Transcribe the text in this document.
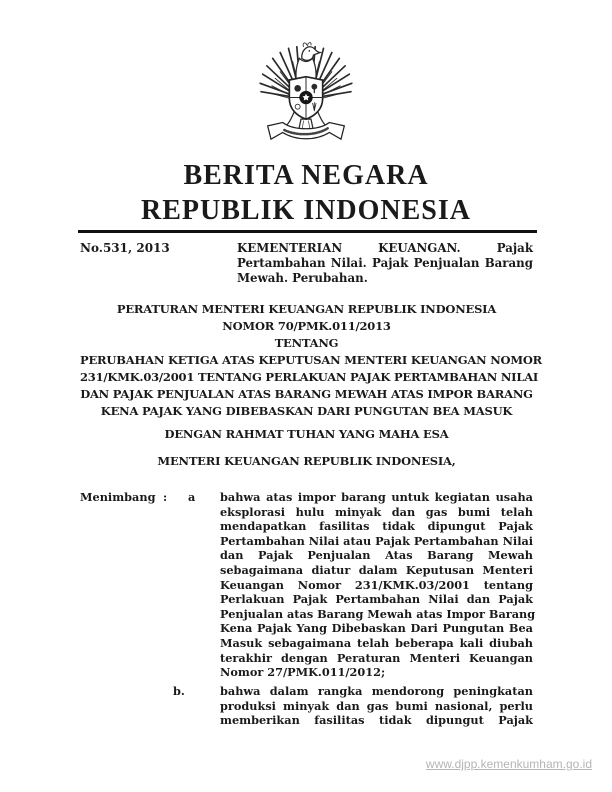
BERITA NEGARA
REPUBLIK INDONESIA
No.531, 2013	KEMENTERIAN KEUANGAN. Pajak
Pertambahan Nilai. Pajak Penjualan Barang
Mewah. Perubahan.
PERATURAN MENTERI KEUANGAN REPUBLIK INDONESIA
NOMOR 70/PMK.011/2013
TENTANG
PERUBAHAN KETIGA ATAS KEPUTUSAN MENTERI KEUANGAN NOMOR
231/KMK.03/2001 TENTANG PERLAKUAN PAJAK PERTAMBAHAN NILAI
DAN PAJAK PENJUALAN ATAS BARANG MEWAH ATAS IMPOR BARANG
KENA PAJAK YANG DIBEBASKAN DARI PUNGUTAN BEA MASUK
DENGAN RAHMAT TUHAN YANG MAHA ESA
MENTERI KEUANGAN REPUBLIK INDONESIA,
Menimbang : a bahwa atas impor barang untuk kegiatan usaha
eksplorasi hulu minyak dan gas bumi telah
mendapatkan fasilitas tidak dipungut Pajak
Pertambahan Nilai atau Pajak Pertambahan Nilai
dan Pajak Penjualan Atas Barang Mewah
sebagaimana diatur dalam Keputusan Menteri
Keuangan Nomor 231/KMK.03/2001 tentang
Perlakuan Pajak Pertambahan Nilai dan Pajak
Penjualan atas Barang Mewah atas Impor Barang
Kena Pajak Yang Dibebaskan Dari Pungutan Bea
Masuk sebagaimana telah beberapa kali diubah
terakhir dengan Peraturan Menteri Keuangan
Nomor 27/PMK.011/2012;
b.	bahwa dalam rangka mendorong peningkatan
produksi minyak dan gas bumi nasional, perlu
memberikan fasilitas tidak dipungut Pajak
www.djpp.kemenkumham.go.id
